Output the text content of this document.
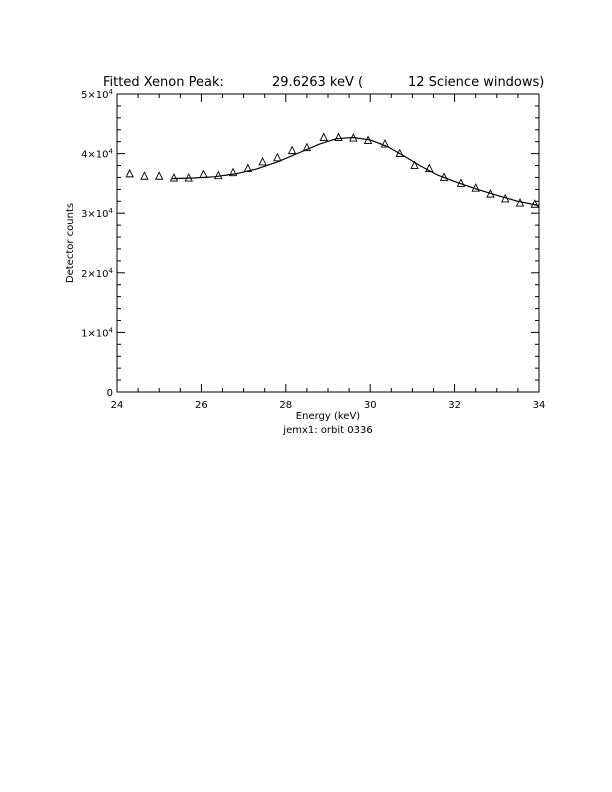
Fitted Xenon Peak:	29.6263 keV (	12 Science windows)
24	26	28	30	32	34
0
$1\times 10^4$
$2\times 10^4$
$3\times 10^4$
$4\times 10^4$
$5\times 10^4$
Energy (keV)
jemx1: orbit 0336
Detector counts
